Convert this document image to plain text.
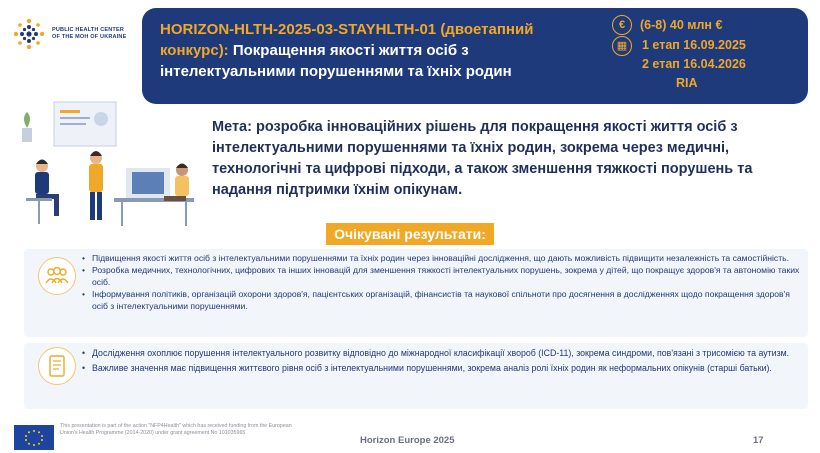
PUBLIC HEALTH CENTER
OF THE MOH OF UKRAINE HORIZON-HLTH-2025-03-STAYHLTH-01 (двоетапний конкурс): Покращення якості життя осіб з інтелектуальними порушеннями та їхніх родин
€	(6-8) 40 млн €
▦	1 етап 16.09.2025
2 етап 16.04.2026
RIA
Мета: розробка інноваційних рішень для покращення якості життя осіб з інтелектуальними порушеннями та їхніх родин, зокрема через медичні, технологічні та цифрові підходи, а також зменшення тяжкості порушень та надання підтримки їхнім опікунам.
Очікувані результати:
• Підвищення якості життя осіб з інтелектуальними порушеннями та їхніх родин через інноваційні дослідження, що дають можливість підвищити незалежність та самостійність.
• Розробка медичних, технологічних, цифрових та інших інновацій для зменшення тяжкості інтелектуальних порушень, зокрема у дітей, що покращує здоров'я та автономію таких осіб.
• Інформування політиків, організацій охорони здоров'я, пацієнтських організацій, фінансистів та наукової спільноти про досягнення в дослідженнях щодо покращення здоров'я осіб з інтелектуальними порушеннями.
• Дослідження охоплює порушення інтелектуального розвитку відповідно до міжнародної класифікації хвороб (ICD-11), зокрема синдроми, пов'язані з трисомією та аутизм.
• Важливе значення має підвищення життєвого рівня осіб з інтелектуальними порушеннями, зокрема аналіз ролі їхніх родин як неформальних опікунів (старші батьки).
This presentation is part of the action "NFP4Health" which has received funding from the European Union's Health Programme (2014-2020) under grant agreement No 101035965
Horizon Europe 2025	17
